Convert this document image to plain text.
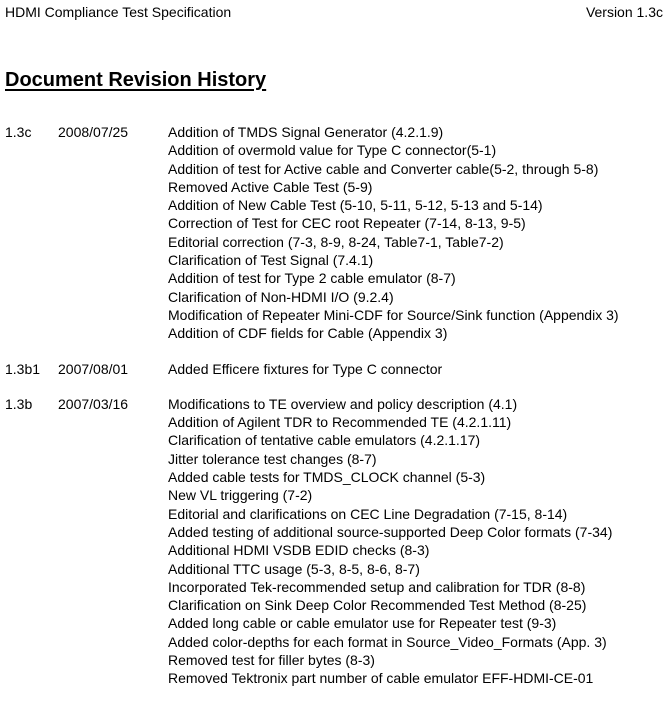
HDMI Compliance Test Specification	Version 1.3c
Document Revision History
1.3c 2008/07/25	Addition of TMDS Signal Generator (4.2.1.9)
Addition of overmold value for Type C connector(5-1)
Addition of test for Active cable and Converter cable(5-2, through 5-8)
Removed Active Cable Test (5-9)
Addition of New Cable Test (5-10, 5-11, 5-12, 5-13 and 5-14)
Correction of Test for CEC root Repeater (7-14, 8-13, 9-5)
Editorial correction (7-3, 8-9, 8-24, Table7-1, Table7-2)
Clarification of Test Signal (7.4.1)
Addition of test for Type 2 cable emulator (8-7)
Clarification of Non-HDMI I/O (9.2.4)
Modification of Repeater Mini-CDF for Source/Sink function (Appendix 3)
Addition of CDF fields for Cable (Appendix 3)
1.3b1 2007/08/01	Added Efficere fixtures for Type C connector
1.3b 2007/03/16	Modifications to TE overview and policy description (4.1)
Addition of Agilent TDR to Recommended TE (4.2.1.11)
Clarification of tentative cable emulators (4.2.1.17)
Jitter tolerance test changes (8-7)
Added cable tests for TMDS_CLOCK channel (5-3)
New VL triggering (7-2)
Editorial and clarifications on CEC Line Degradation (7-15, 8-14)
Added testing of additional source-supported Deep Color formats (7-34)
Additional HDMI VSDB EDID checks (8-3)
Additional TTC usage (5-3, 8-5, 8-6, 8-7)
Incorporated Tek-recommended setup and calibration for TDR (8-8)
Clarification on Sink Deep Color Recommended Test Method (8-25)
Added long cable or cable emulator use for Repeater test (9-3)
Added color-depths for each format in Source_Video_Formats (App. 3)
Removed test for filler bytes (8-3)
Removed Tektronix part number of cable emulator EFF-HDMI-CE-01
